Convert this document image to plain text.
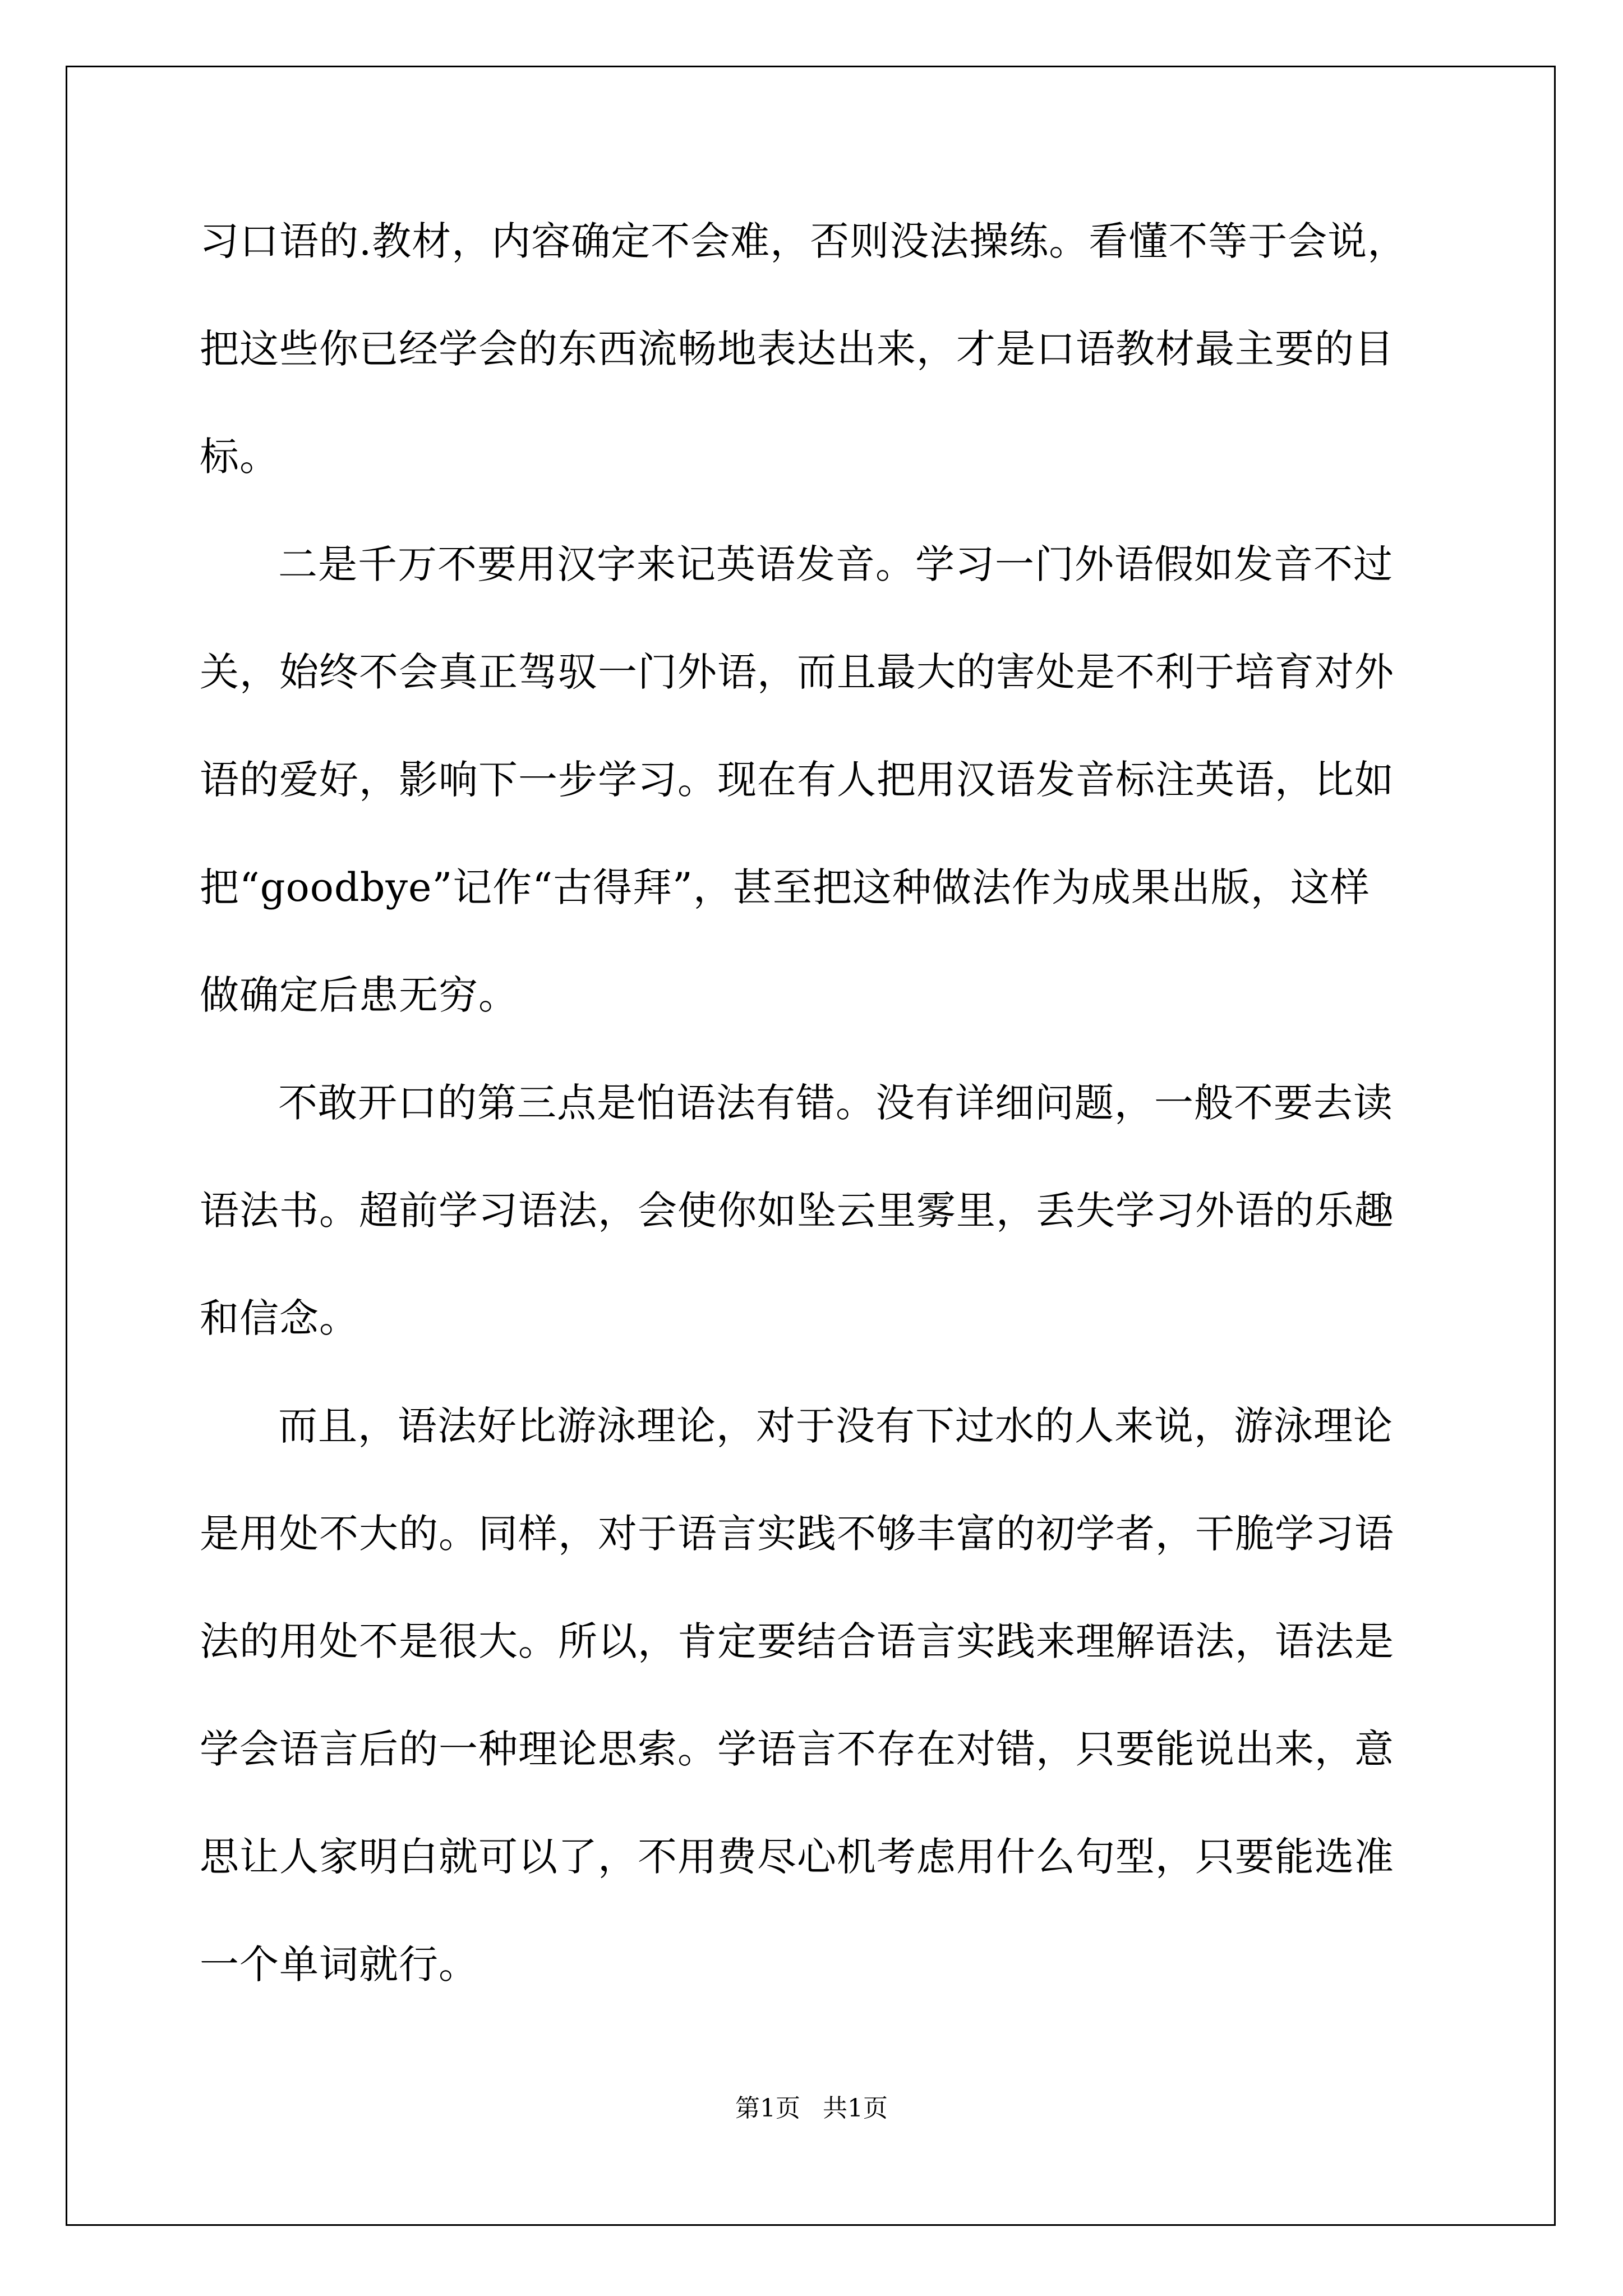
习口语的.教材，内容确定不会难，否则没法操练。看懂不等于会说，
把这些你已经学会的东西流畅地表达出来，才是口语教材最主要的目
标。
二是千万不要用汉字来记英语发音。学习一门外语假如发音不过
关，始终不会真正驾驭一门外语，而且最大的害处是不利于培育对外
语的爱好，影响下一步学习。现在有人把用汉语发音标注英语，比如
把“goodbye”记作“古得拜”，甚至把这种做法作为成果出版，这样
做确定后患无穷。
不敢开口的第三点是怕语法有错。没有详细问题，一般不要去读
语法书。超前学习语法，会使你如坠云里雾里，丢失学习外语的乐趣
和信念。
而且，语法好比游泳理论，对于没有下过水的人来说，游泳理论
是用处不大的。同样，对于语言实践不够丰富的初学者，干脆学习语
法的用处不是很大。所以，肯定要结合语言实践来理解语法，语法是
学会语言后的一种理论思索。学语言不存在对错，只要能说出来，意
思让人家明白就可以了，不用费尽心机考虑用什么句型，只要能选准
一个单词就行。
第1页 共1页
